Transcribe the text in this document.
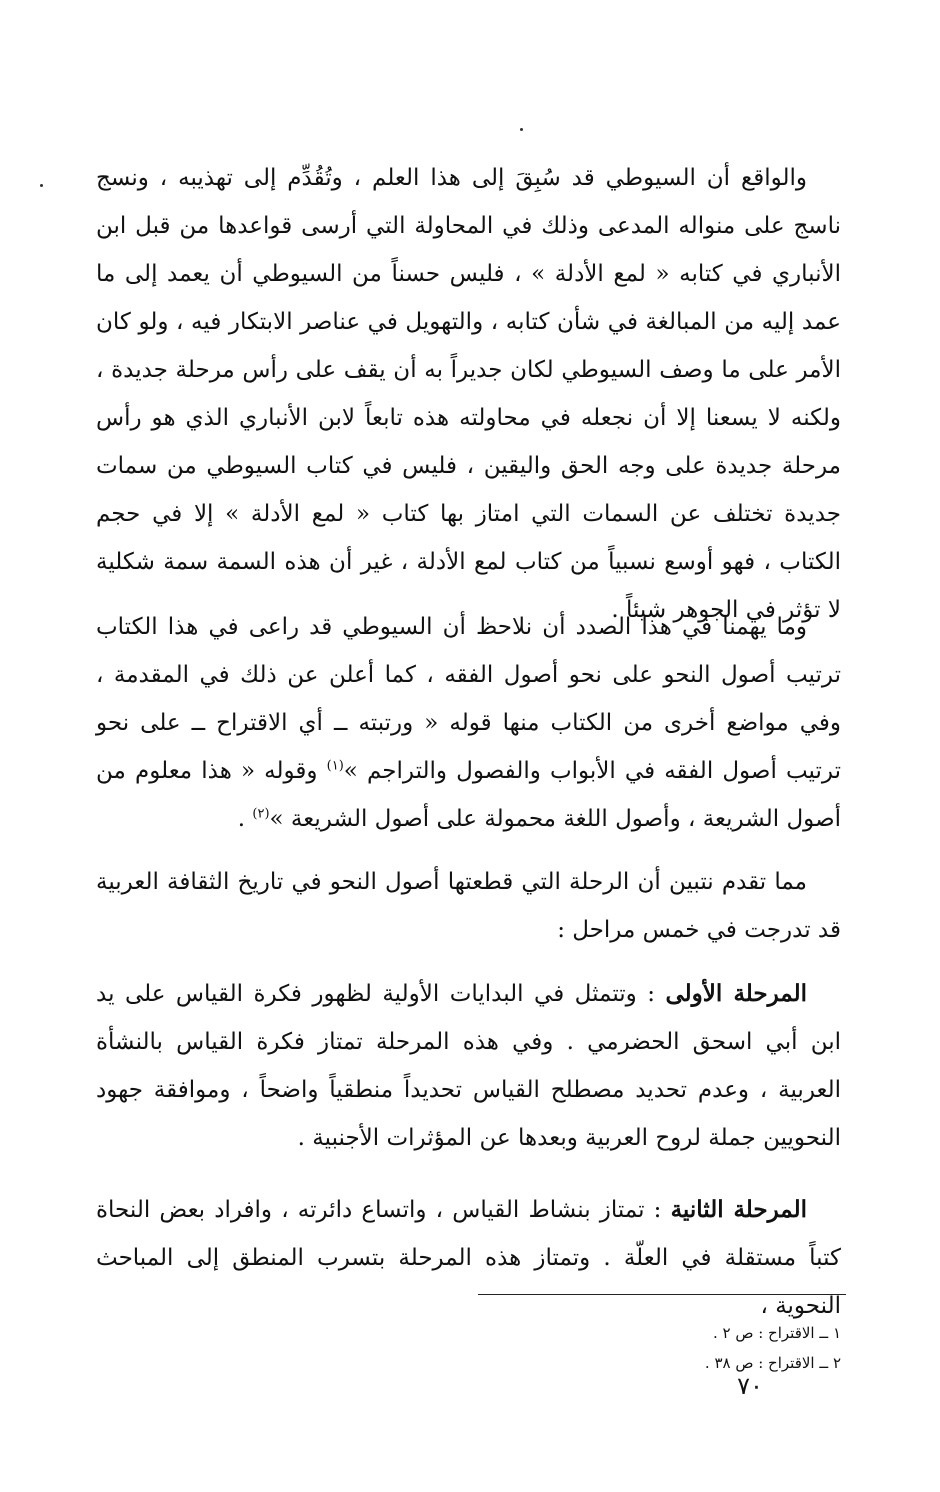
والواقع أن السيوطي قد سُبِقَ إلى هذا العلم ، وتُقُدِّم إلى تهذيبه ، ونسج ناسج على منواله المدعى وذلك في المحاولة التي أرسى قواعدها من قبل ابن الأنباري في كتابه « لمع الأدلة » ، فليس حسناً من السيوطي أن يعمد إلى ما عمد إليه من المبالغة في شأن كتابه ، والتهويل في عناصر الابتكار فيه ، ولو كان الأمر على ما وصف السيوطي لكان جديراً به أن يقف على رأس مرحلة جديدة ، ولكنه لا يسعنا إلا أن نجعله في محاولته هذه تابعاً لابن الأنباري الذي هو رأس مرحلة جديدة على وجه الحق واليقين ، فليس في كتاب السيوطي من سمات جديدة تختلف عن السمات التي امتاز بها كتاب « لمع الأدلة » إلا في حجم الكتاب ، فهو أوسع نسبياً من كتاب لمع الأدلة ، غير أن هذه السمة سمة شكلية لا تؤثر في الجوهر شيئاً .

وما يهمنا في هذا الصدد أن نلاحظ أن السيوطي قد راعى في هذا الكتاب ترتيب أصول النحو على نحو أصول الفقه ، كما أعلن عن ذلك في المقدمة ، وفي مواضع أخرى من الكتاب منها قوله « ورتبته ــ أي الاقتراح ــ على نحو ترتيب أصول الفقه في الأبواب والفصول والتراجم »$^{(١)}$ وقوله « هذا معلوم من أصول الشريعة ، وأصول اللغة محمولة على أصول الشريعة »$^{(٢)}$ .

مما تقدم نتبين أن الرحلة التي قطعتها أصول النحو في تاريخ الثقافة العربية قد تدرجت في خمس مراحل :

المرحلة الأولى : وتتمثل في البدايات الأولية لظهور فكرة القياس على يد ابن أبي اسحق الحضرمي . وفي هذه المرحلة تمتاز فكرة القياس بالنشأة العربية ، وعدم تحديد مصطلح القياس تحديداً منطقياً واضحاً ، وموافقة جهود النحويين جملة لروح العربية وبعدها عن المؤثرات الأجنبية .

المرحلة الثانية : تمتاز بنشاط القياس ، واتساع دائرته ، وافراد بعض النحاة كتباً مستقلة في العلّة . وتمتاز هذه المرحلة بتسرب المنطق إلى المباحث النحوية ،

١ ــ الاقتراح : ص ٢ .
٢ ــ الاقتراح : ص ٣٨ .
٧٠
